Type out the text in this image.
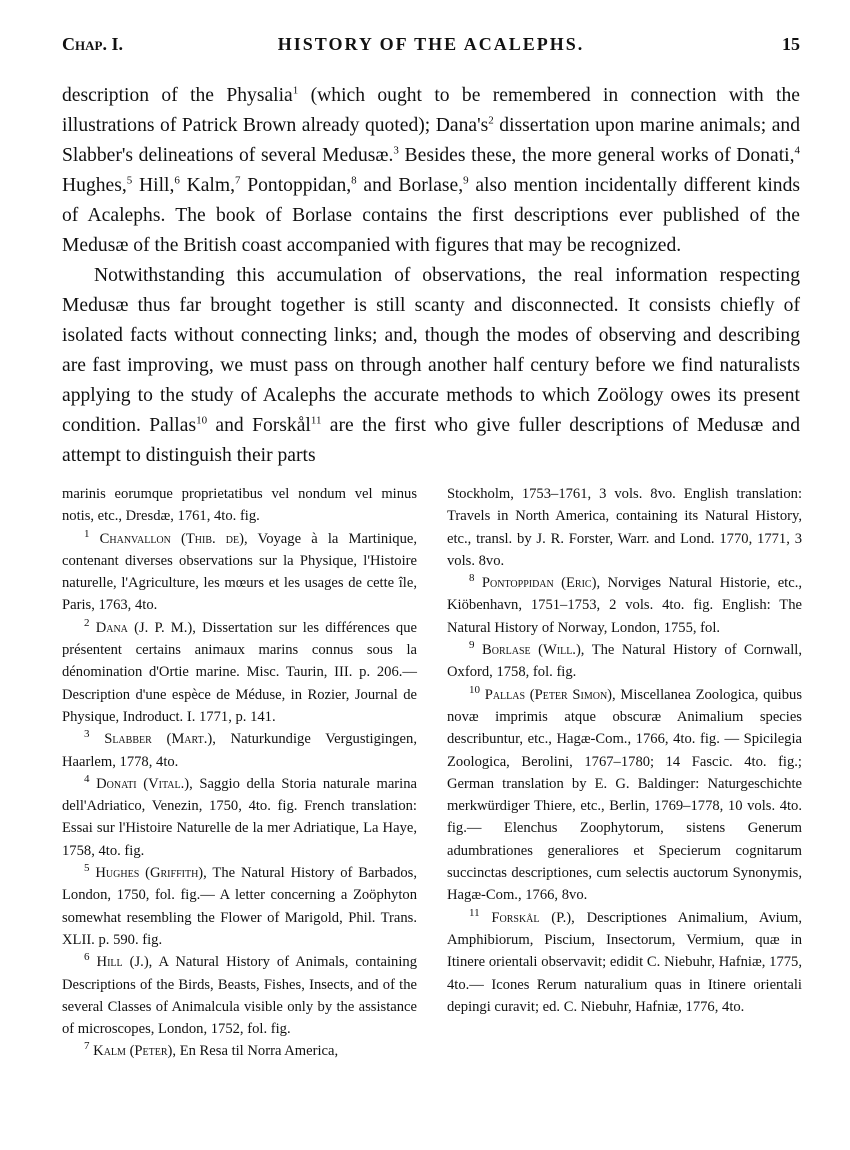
Chap. I.	HISTORY OF THE ACALEPHS.	15

description of the Physalia$^1$ (which ought to be remembered in connection with the illustrations of Patrick Brown already quoted); $Dana's^2$ dissertation upon marine animals; and Slabber's delineations of several Medusæ.$^3$ Besides these, the more general works of Donati,$^4$ Hughes,$^5$ Hill,$^6$ Kalm,$^7$ Pontoppidan,$^8$ and Borlase,$^9$ also mention incidentally different kinds of Acalephs. The book of Borlase contains the first descriptions ever published of the Medusæ of the British coast accompanied with figures that may be recognized.

Notwithstanding this accumulation of observations, the real information respecting Medusæ thus far brought together is still scanty and disconnected. It consists chiefly of isolated facts without connecting links; and, though the modes of observing and describing are fast improving, we must pass on through another half century before we find naturalists applying to the study of Acalephs the accurate methods to which Zoölogy owes its present condition. Pallas$^{10}$ and Forskål$^{11}$ are the first who give fuller descriptions of Medusæ and attempt to distinguish their parts

marinis eorumque proprietatibus vel nondum vel minus notis, etc., Dresdæ, 1761, 4to. fig.

$^1$ Chanvallon (Thib. de), Voyage à la Martinique, contenant diverses observations sur la Physique, l'Histoire naturelle, l'Agriculture, les mœurs et les usages de cette île, Paris, 1763, 4to.

$^2$ Dana (J. P. M.), Dissertation sur les différences que présentent certains animaux marins connus sous la dénomination d'Ortie marine. Misc. Taurin, III. p. 206.— Description d'une espèce de Méduse, in Rozier, Journal de Physique, Indroduct. I. 1771, p. 141.

$^3$ Slabber (Mart.), Naturkundige Vergustigingen, Haarlem, 1778, 4to.

$^4$ Donati (Vital.), Saggio della Storia naturale marina dell'Adriatico, Venezin, 1750, 4to. fig. French translation: Essai sur l'Histoire Naturelle de la mer Adriatique, La Haye, 1758, 4to. fig.

$^5$ Hughes (Griffith), The Natural History of Barbados, London, 1750, fol. fig.— A letter concerning a Zoöphyton somewhat resembling the Flower of Marigold, Phil. Trans. XLII. p. 590. fig.

$^6$ Hill (J.), A Natural History of Animals, containing Descriptions of the Birds, Beasts, Fishes, Insects, and of the several Classes of Animalcula visible only by the assistance of microscopes, London, 1752, fol. fig.

$^7$ Kalm (Peter), En Resa til Norra America,

Stockholm, 1753–1761, 3 vols. 8vo. English translation: Travels in North America, containing its Natural History, etc., transl. by J. R. Forster, Warr. and Lond. 1770, 1771, 3 vols. 8vo.

$^8$ Pontoppidan (Eric), Norviges Natural Historie, etc., Kiöbenhavn, 1751–1753, 2 vols. 4to. fig. English: The Natural History of Norway, London, 1755, fol.

$^9$ Borlase (Will.), The Natural History of Cornwall, Oxford, 1758, fol. fig.

$^{10}$ Pallas (Peter Simon), Miscellanea Zoologica, quibus novæ imprimis atque obscuræ Animalium species describuntur, etc., Hagæ-Com., 1766, 4to. fig. — Spicilegia Zoologica, Berolini, 1767–1780; 14 Fascic. 4to. fig.; German translation by E. G. Baldinger: Naturgeschichte merkwürdiger Thiere, etc., Berlin, 1769–1778, 10 vols. 4to. fig.— Elenchus Zoophytorum, sistens Generum adumbrationes generaliores et Specierum cognitarum succinctas descriptiones, cum selectis auctorum Synonymis, Hagæ-Com., 1766, 8vo.

$^{11}$ Forskål (P.), Descriptiones Animalium, Avium, Amphibiorum, Piscium, Insectorum, Vermium, quæ in Itinere orientali observavit; edidit C. Niebuhr, Hafniæ, 1775, 4to.— Icones Rerum naturalium quas in Itinere orientali depingi curavit; ed. C. Niebuhr, Hafniæ, 1776, 4to.
